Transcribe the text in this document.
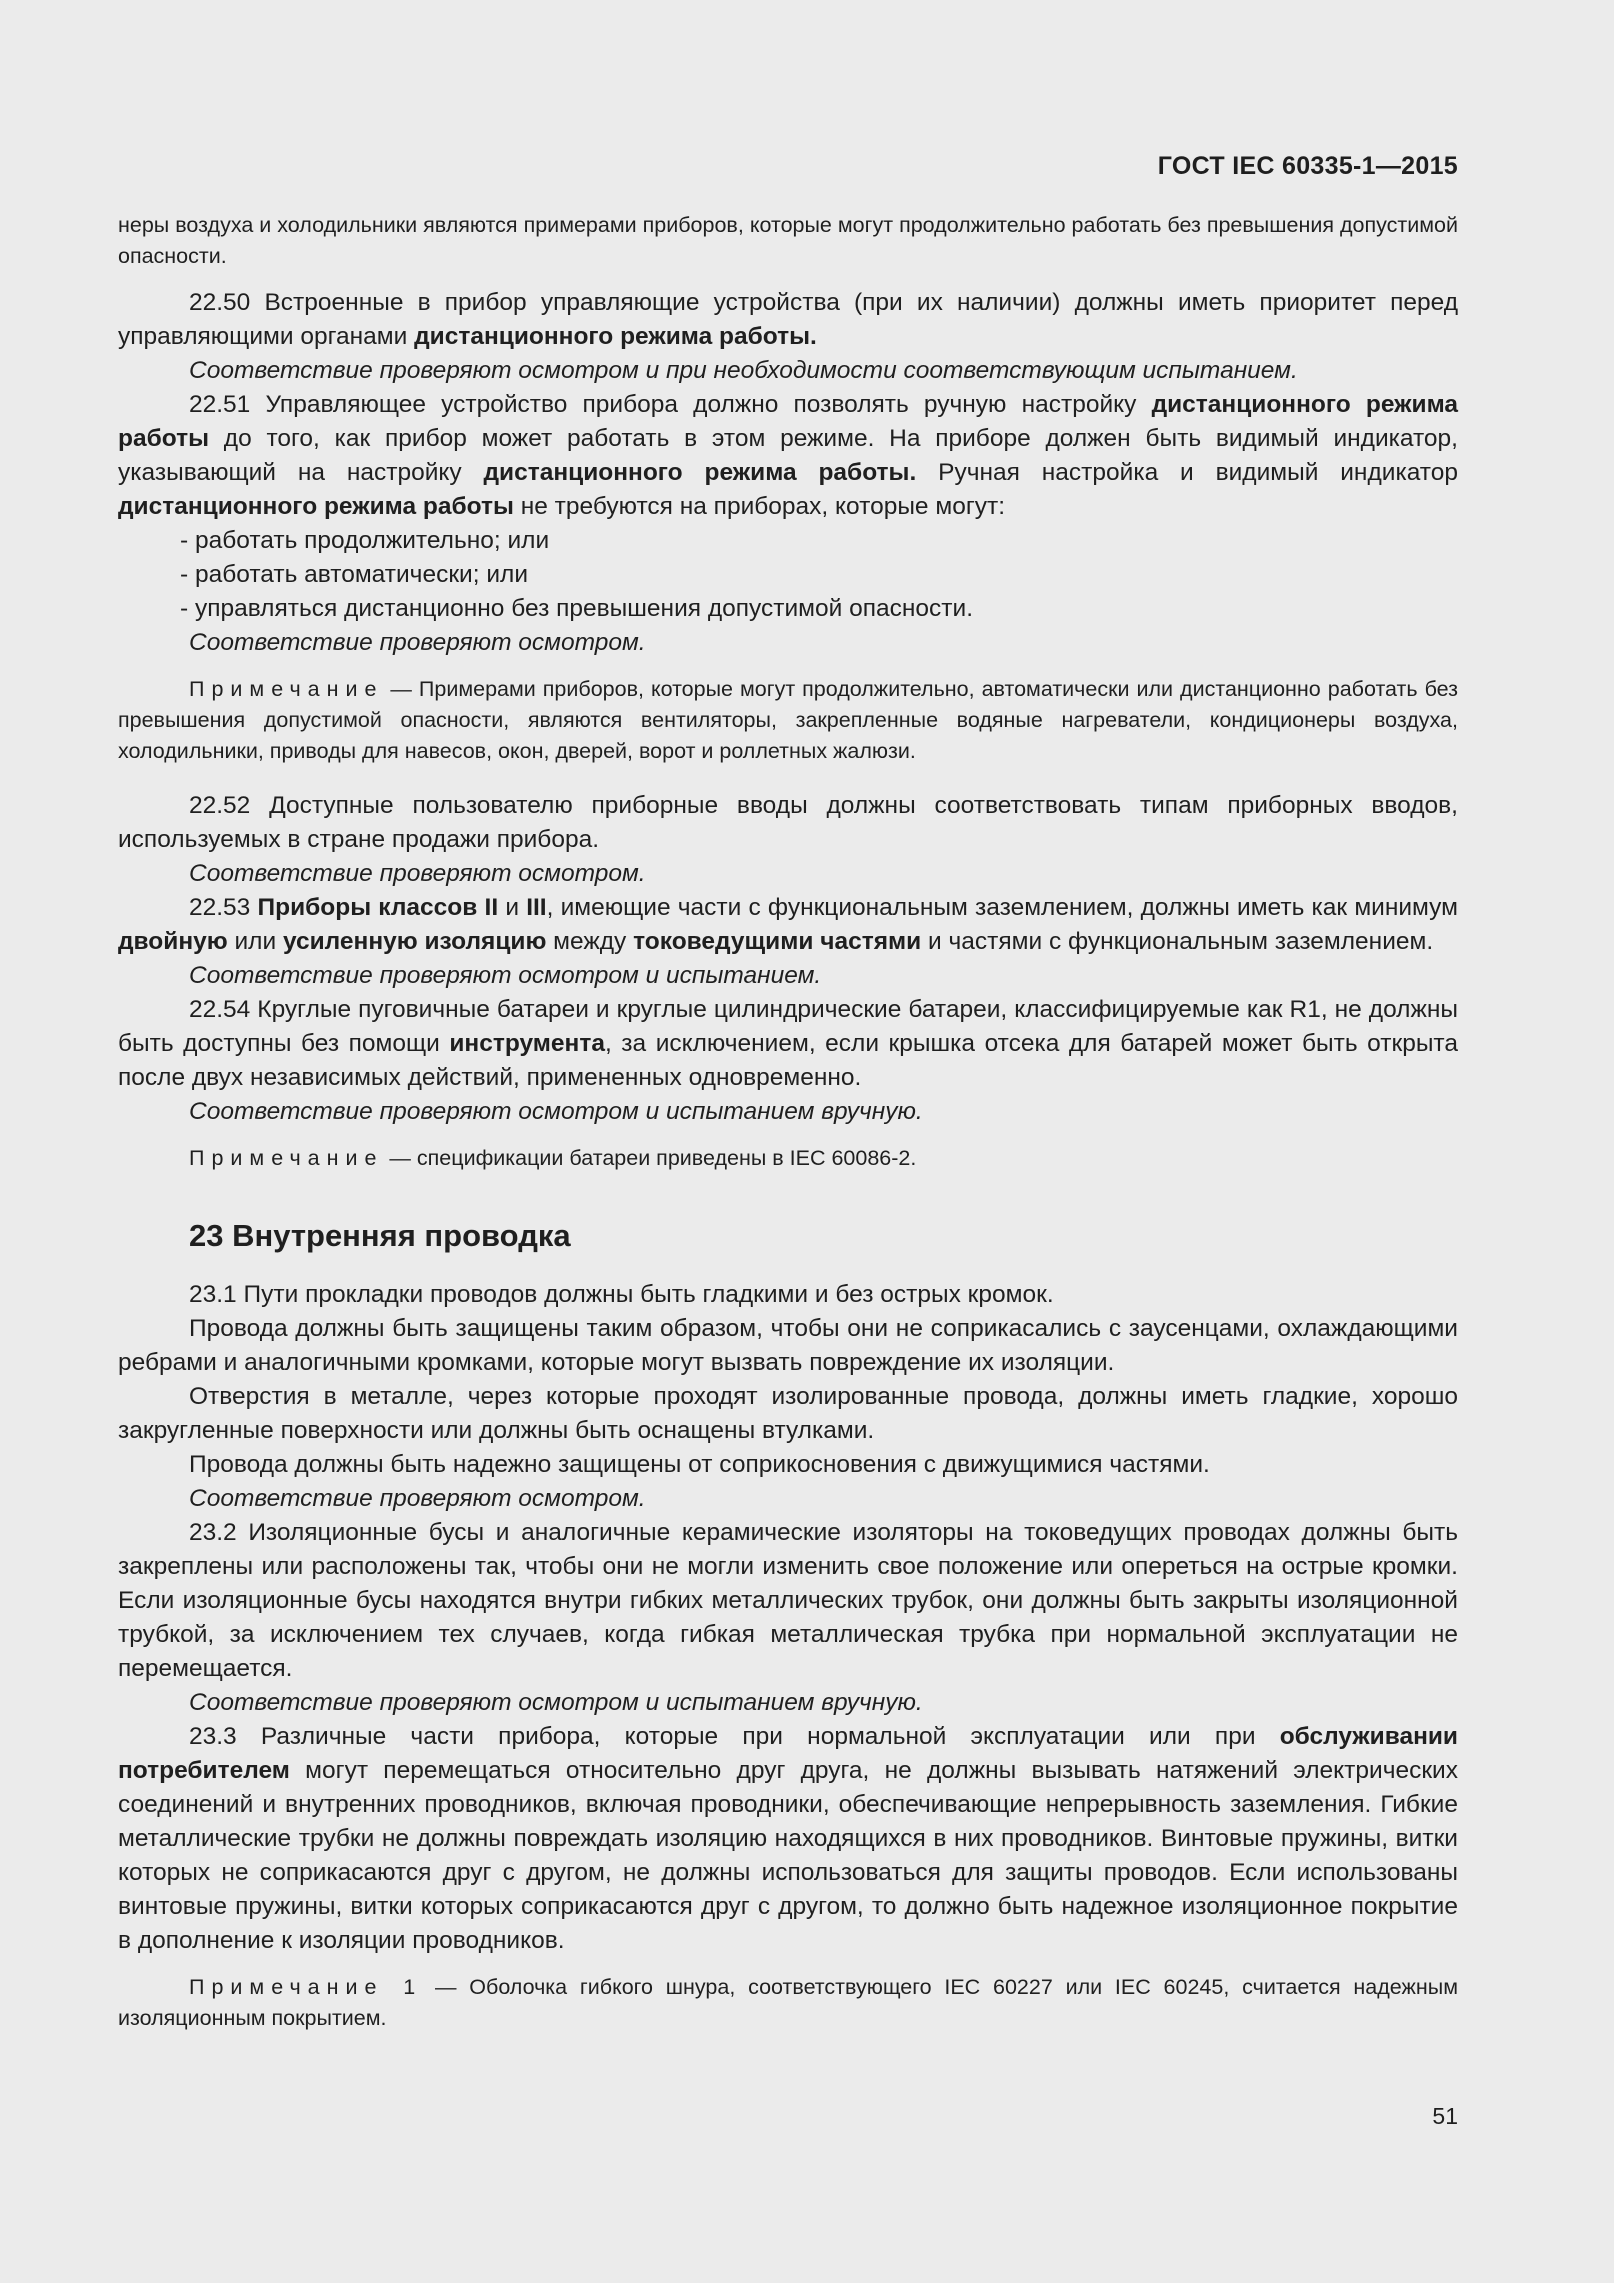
ГОСТ IEC 60335-1—2015

неры воздуха и холодильники являются примерами приборов, которые могут продолжительно работать без превышения допустимой опасности.

22.50 Встроенные в прибор управляющие устройства (при их наличии) должны иметь приоритет перед управляющими органами дистанционного режима работы.

Соответствие проверяют осмотром и при необходимости соответствующим испытанием.

22.51 Управляющее устройство прибора должно позволять ручную настройку дистанционного режима работы до того, как прибор может работать в этом режиме. На приборе должен быть видимый индикатор, указывающий на настройку дистанционного режима работы. Ручная настройка и видимый индикатор дистанционного режима работы не требуются на приборах, которые могут:

- работать продолжительно; или
- работать автоматически; или
- управляться дистанционно без превышения допустимой опасности.

Соответствие проверяют осмотром.

Примечание — Примерами приборов, которые могут продолжительно, автоматически или дистанционно работать без превышения допустимой опасности, являются вентиляторы, закрепленные водяные нагреватели, кондиционеры воздуха, холодильники, приводы для навесов, окон, дверей, ворот и роллетных жалюзи.

22.52 Доступные пользователю приборные вводы должны соответствовать типам приборных вводов, используемых в стране продажи прибора.

Соответствие проверяют осмотром.

22.53 Приборы классов II и III, имеющие части с функциональным заземлением, должны иметь как минимум двойную или усиленную изоляцию между токоведущими частями и частями с функциональным заземлением.

Соответствие проверяют осмотром и испытанием.

22.54 Круглые пуговичные батареи и круглые цилиндрические батареи, классифицируемые как R1, не должны быть доступны без помощи инструмента, за исключением, если крышка отсека для батарей может быть открыта после двух независимых действий, примененных одновременно.

Соответствие проверяют осмотром и испытанием вручную.

Примечание — спецификации батареи приведены в IEC 60086-2.

23 Внутренняя проводка

23.1 Пути прокладки проводов должны быть гладкими и без острых кромок.

Провода должны быть защищены таким образом, чтобы они не соприкасались с заусенцами, охлаждающими ребрами и аналогичными кромками, которые могут вызвать повреждение их изоляции.

Отверстия в металле, через которые проходят изолированные провода, должны иметь гладкие, хорошо закругленные поверхности или должны быть оснащены втулками.

Провода должны быть надежно защищены от соприкосновения с движущимися частями.

Соответствие проверяют осмотром.

23.2 Изоляционные бусы и аналогичные керамические изоляторы на токоведущих проводах должны быть закреплены или расположены так, чтобы они не могли изменить свое положение или опереться на острые кромки. Если изоляционные бусы находятся внутри гибких металлических трубок, они должны быть закрыты изоляционной трубкой, за исключением тех случаев, когда гибкая металлическая трубка при нормальной эксплуатации не перемещается.

Соответствие проверяют осмотром и испытанием вручную.

23.3 Различные части прибора, которые при нормальной эксплуатации или при обслуживании потребителем могут перемещаться относительно друг друга, не должны вызывать натяжений электрических соединений и внутренних проводников, включая проводники, обеспечивающие непрерывность заземления. Гибкие металлические трубки не должны повреждать изоляцию находящихся в них проводников. Винтовые пружины, витки которых не соприкасаются друг с другом, не должны использоваться для защиты проводов. Если использованы винтовые пружины, витки которых соприкасаются друг с другом, то должно быть надежное изоляционное покрытие в дополнение к изоляции проводников.

Примечание 1 — Оболочка гибкого шнура, соответствующего IEC 60227 или IEC 60245, считается надежным изоляционным покрытием.

51
